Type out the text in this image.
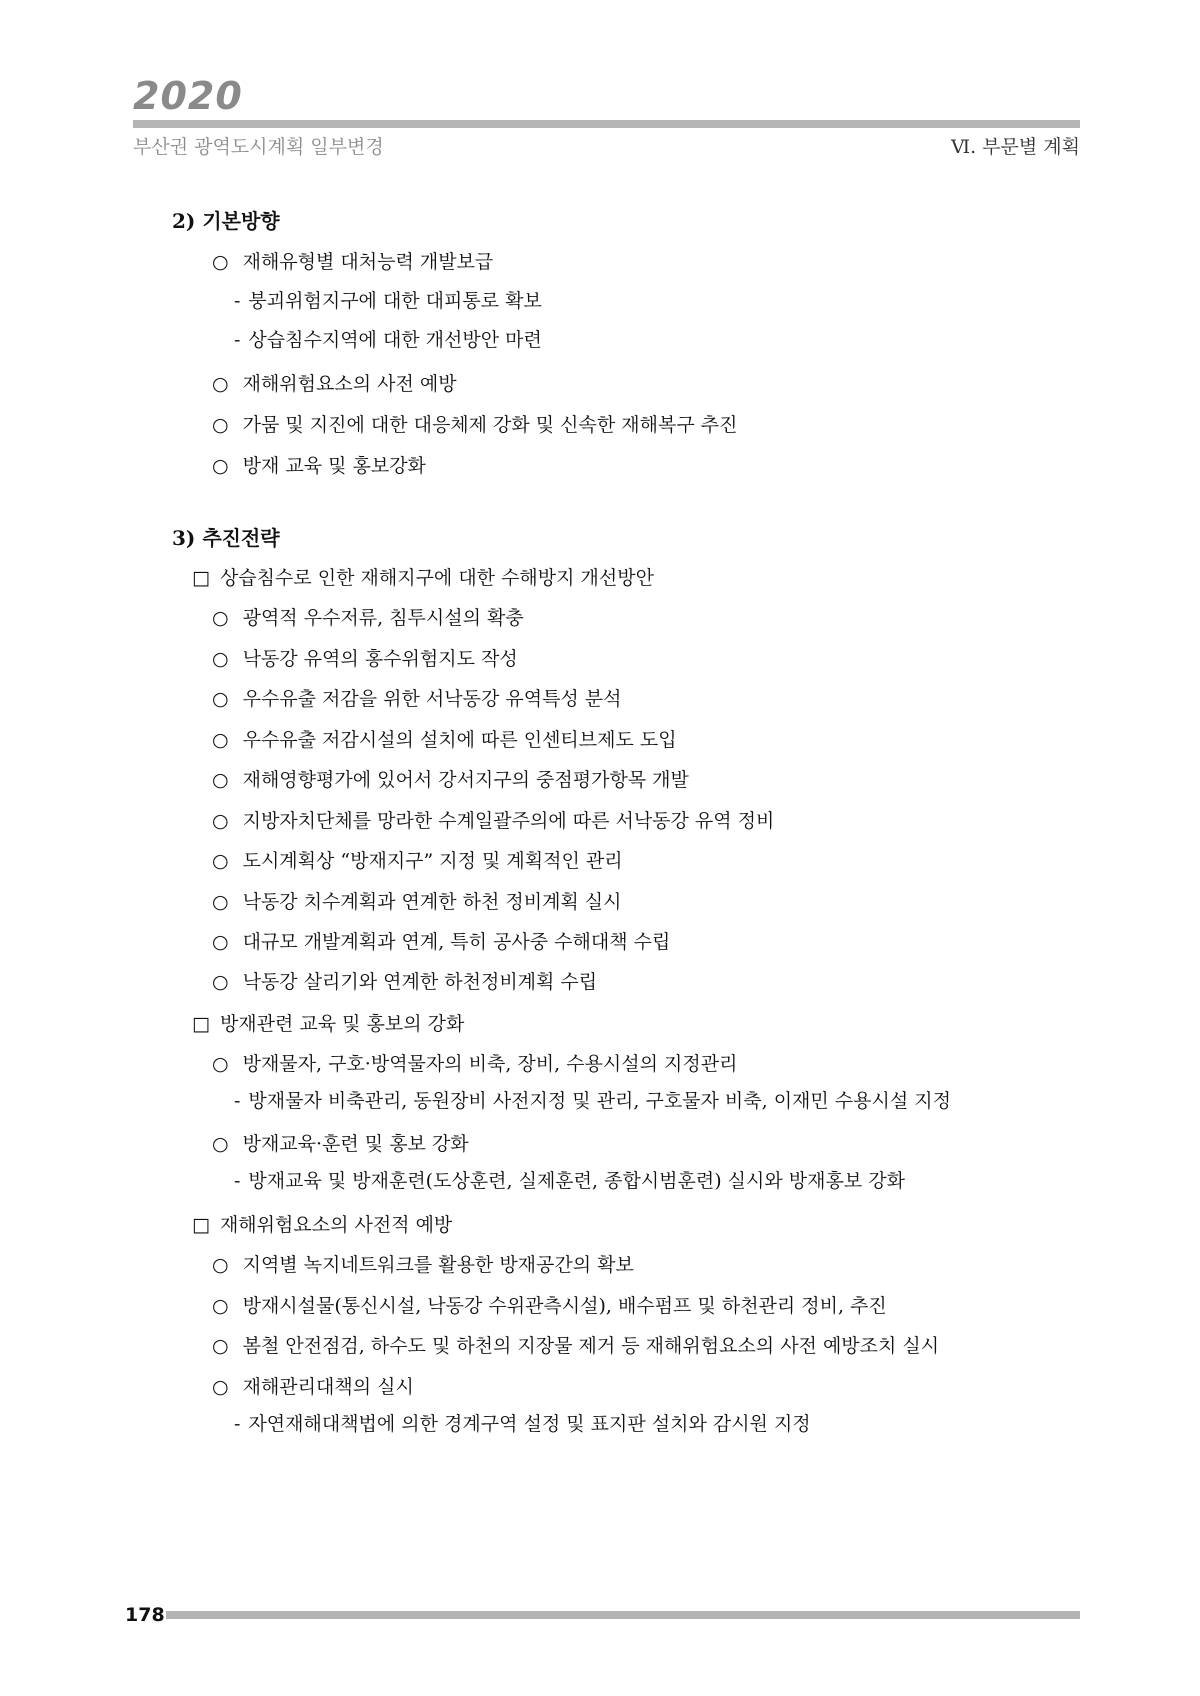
2020
부산권 광역도시계획 일부변경	Ⅵ. 부문별 계획
2) 기본방향
○ 재해유형별 대처능력 개발보급
- 붕괴위험지구에 대한 대피통로 확보
- 상습침수지역에 대한 개선방안 마련
○ 재해위험요소의 사전 예방
○ 가뭄 및 지진에 대한 대응체제 강화 및 신속한 재해복구 추진
○ 방재 교육 및 홍보강화
3) 추진전략
□ 상습침수로 인한 재해지구에 대한 수해방지 개선방안
○ 광역적 우수저류, 침투시설의 확충
○ 낙동강 유역의 홍수위험지도 작성
○ 우수유출 저감을 위한 서낙동강 유역특성 분석
○ 우수유출 저감시설의 설치에 따른 인센티브제도 도입
○ 재해영향평가에 있어서 강서지구의 중점평가항목 개발
○ 지방자치단체를 망라한 수계일괄주의에 따른 서낙동강 유역 정비
○ 도시계획상 “방재지구” 지정 및 계획적인 관리
○ 낙동강 치수계획과 연계한 하천 정비계획 실시
○ 대규모 개발계획과 연계, 특히 공사중 수해대책 수립
○ 낙동강 살리기와 연계한 하천정비계획 수립
□ 방재관련 교육 및 홍보의 강화
○ 방재물자, 구호·방역물자의 비축, 장비, 수용시설의 지정관리
- 방재물자 비축관리, 동원장비 사전지정 및 관리, 구호물자 비축, 이재민 수용시설 지정
○ 방재교육·훈련 및 홍보 강화
- 방재교육 및 방재훈련(도상훈련, 실제훈련, 종합시범훈련) 실시와 방재홍보 강화
□ 재해위험요소의 사전적 예방
○ 지역별 녹지네트워크를 활용한 방재공간의 확보
○ 방재시설물(통신시설, 낙동강 수위관측시설), 배수펌프 및 하천관리 정비, 추진
○ 봄철 안전점검, 하수도 및 하천의 지장물 제거 등 재해위험요소의 사전 예방조치 실시
○ 재해관리대책의 실시
- 자연재해대책법에 의한 경계구역 설정 및 표지판 설치와 감시원 지정
178
